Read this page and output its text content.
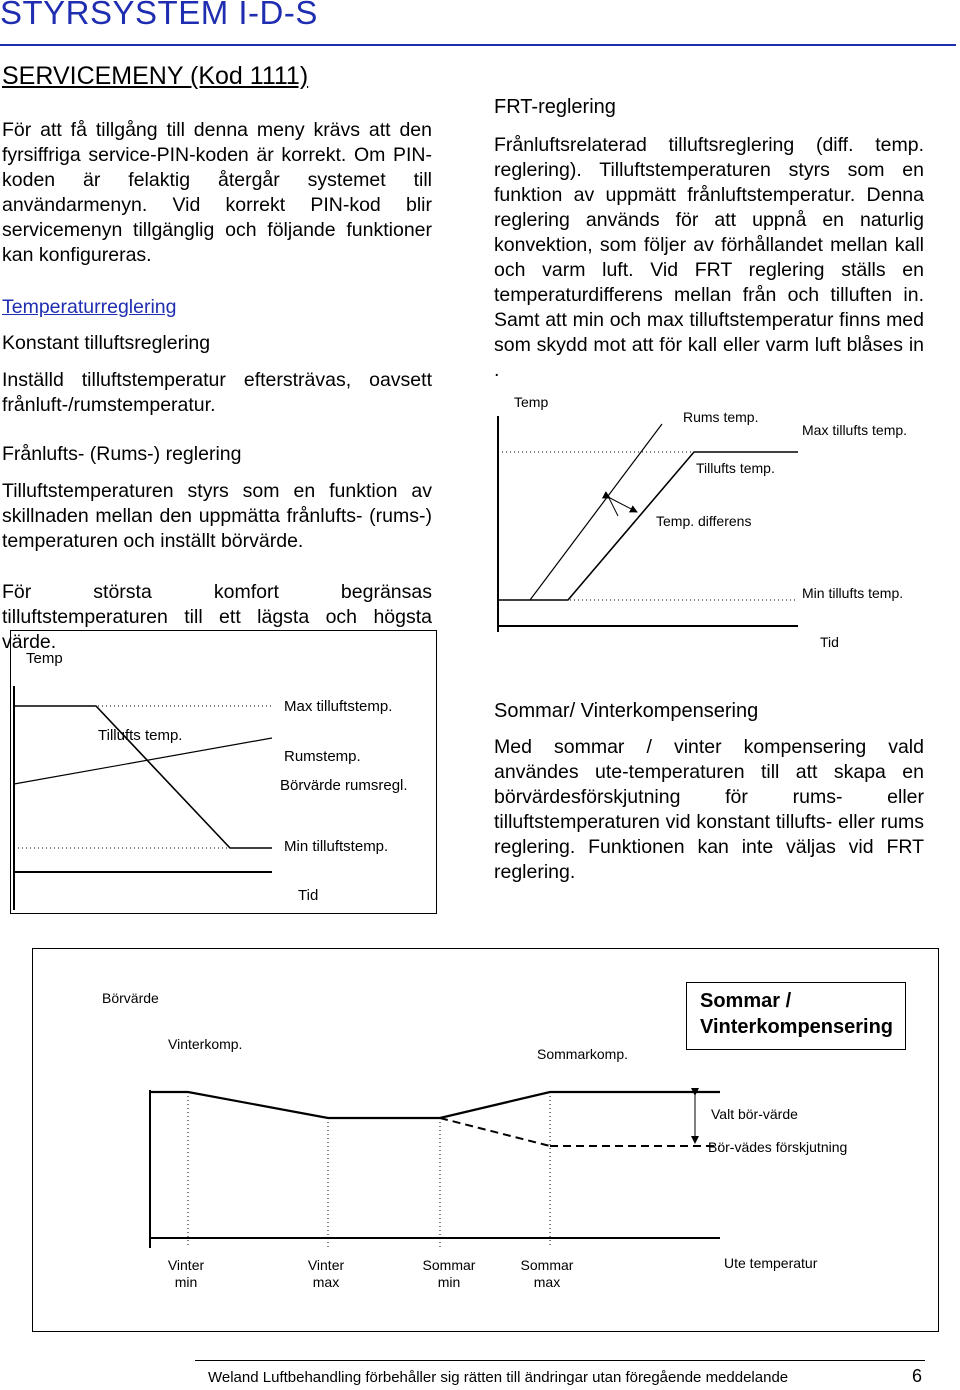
STYRSYSTEM I-D-S
SERVICEMENY (Kod 1111)
För att få tillgång till denna meny krävs att den fyrsiffriga service-PIN-koden är korrekt. Om PIN-koden är felaktig återgår systemet till användarmenyn. Vid korrekt PIN-kod blir servicemenyn tillgänglig och följande funktioner kan konfigureras.
Temperaturreglering
Konstant tilluftsreglering
Inställd tilluftstemperatur eftersträvas, oavsett frånluft-/rumstemperatur.
Frånlufts- (Rums-) reglering
Tilluftstemperaturen styrs som en funktion av skillnaden mellan den uppmätta frånlufts- (rums-) temperaturen och inställt börvärde.
För största komfort begränsas tilluftstemperaturen till ett lägsta och högsta värde.
Temp
Tillufts temp.
Max tilluftstemp.
Rumstemp.
Börvärde rumsregl.
Min tilluftstemp.
Tid
FRT-reglering
Frånluftsrelaterad tilluftsreglering (diff. temp. reglering). Tilluftstemperaturen styrs som en funktion av uppmätt frånluftstemperatur. Denna reglering används för att uppnå en naturlig konvektion, som följer av förhållandet mellan kall och varm luft. Vid FRT reglering ställs en temperaturdifferens mellan från och tilluften in. Samt att min och max tilluftstemperatur finns med som skydd mot att för kall eller varm luft blåses in .
Temp
Rums temp.
Max tillufts temp.
Tillufts temp.
Temp. differens
Min tillufts temp.
Tid
Sommar/ Vinterkompensering
Med sommar / vinter kompensering vald användes ute-temperaturen till att skapa en börvärdesförskjutning för rums- eller tilluftstemperaturen vid konstant tillufts- eller rums reglering. Funktionen kan inte väljas vid FRT reglering.
Börvärde
Vinterkomp.
Sommarkomp.
Sommar / Vinterkompensering
Valt bör-värde
Bör-vädes förskjutning
Vinter
min
Vinter
max
Sommar
min
Sommar
max
Ute temperatur
Weland Luftbehandling förbehåller sig rätten till ändringar utan föregående meddelande	6
